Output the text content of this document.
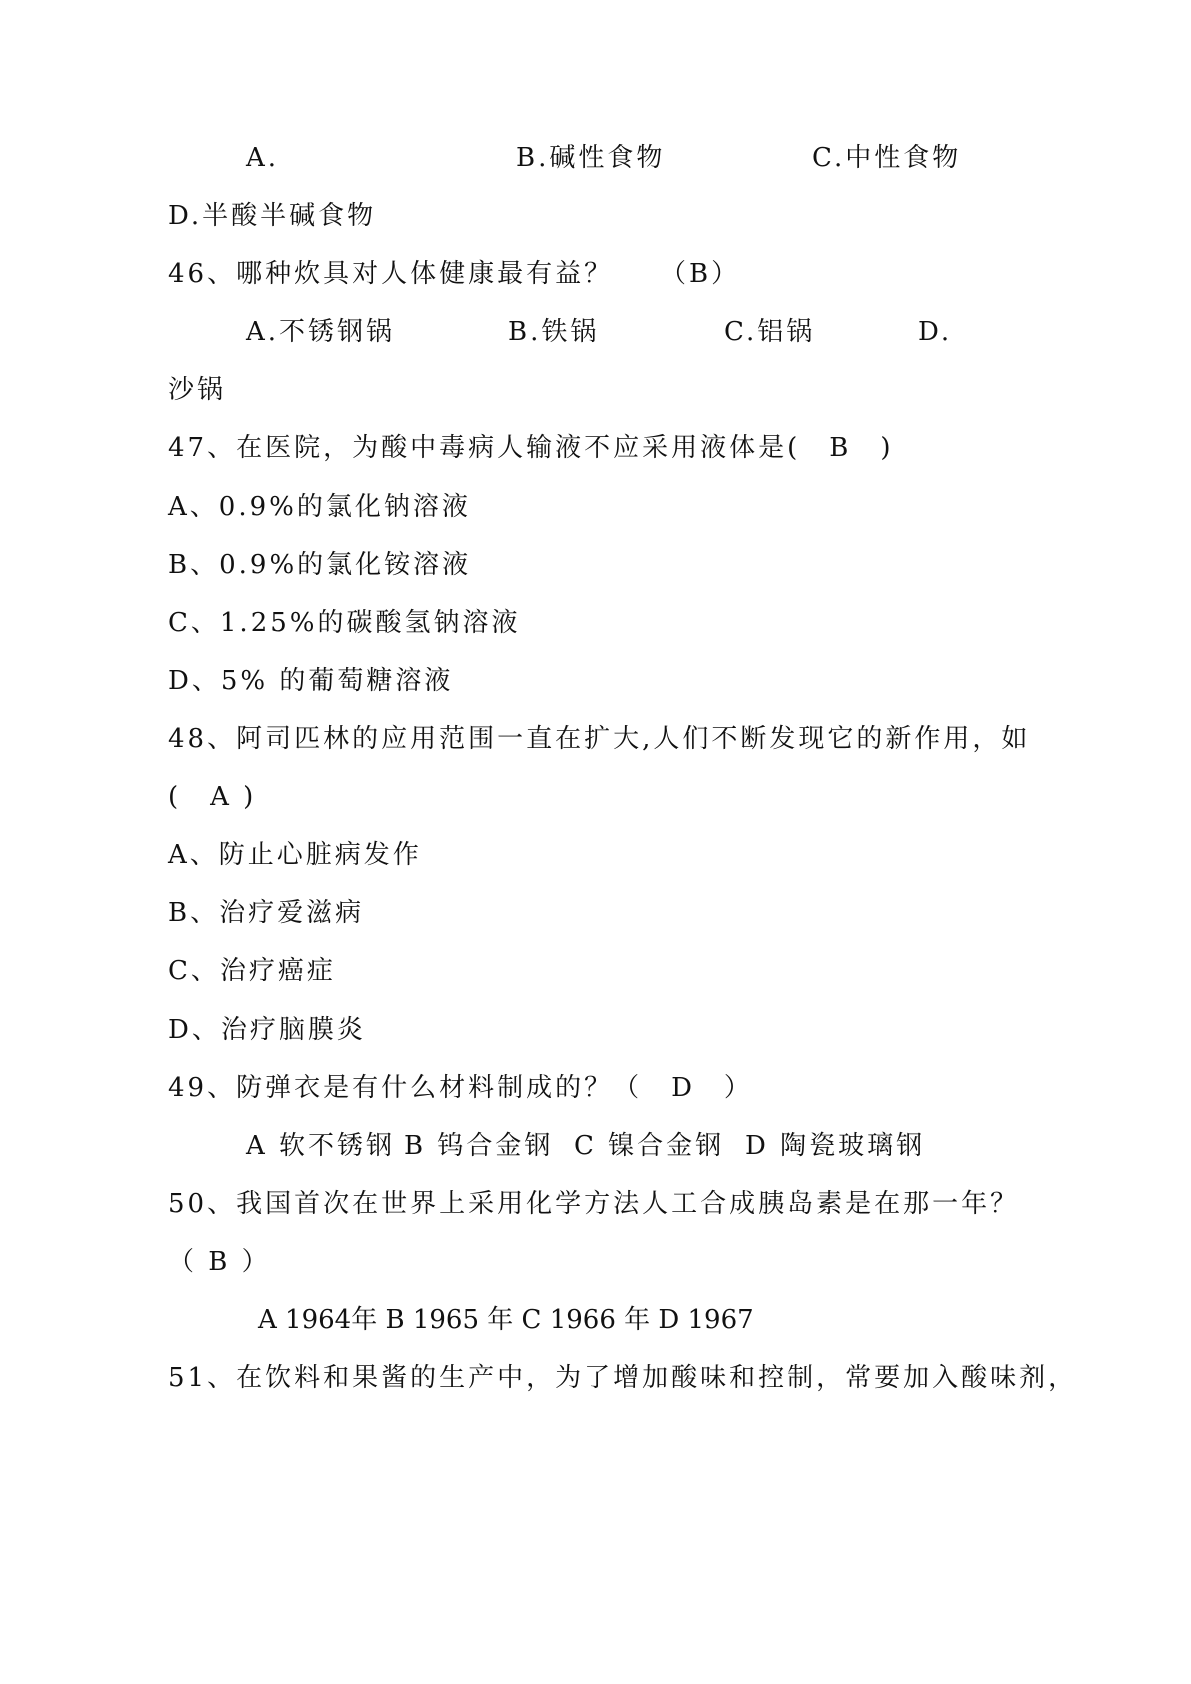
A.	B.碱性食物	C.中性食物
D.半酸半碱食物
46、哪种炊具对人体健康最有益？ （B）
A.不锈钢锅	B.铁锅	C.铝锅	D.
沙锅
47、在医院，为酸中毒病人输液不应采用液体是(　B　)
A、0.9%的氯化钠溶液
B、0.9%的氯化铵溶液
C、1.25%的碳酸氢钠溶液
D、5% 的葡萄糖溶液
48、阿司匹林的应用范围一直在扩大,人们不断发现它的新作用，如
(　A )
A、防止心脏病发作
B、治疗爱滋病
C、治疗癌症
D、治疗脑膜炎
49、防弹衣是有什么材料制成的？（　D　）
A 软不锈钢 B 钨合金钢 C 镍合金钢 D 陶瓷玻璃钢
50、我国首次在世界上采用化学方法人工合成胰岛素是在那一年？
（ B ）
A 1964年 B 1965 年 C 1966 年 D 1967
51、在饮料和果酱的生产中，为了增加酸味和控制，常要加入酸味剂，
